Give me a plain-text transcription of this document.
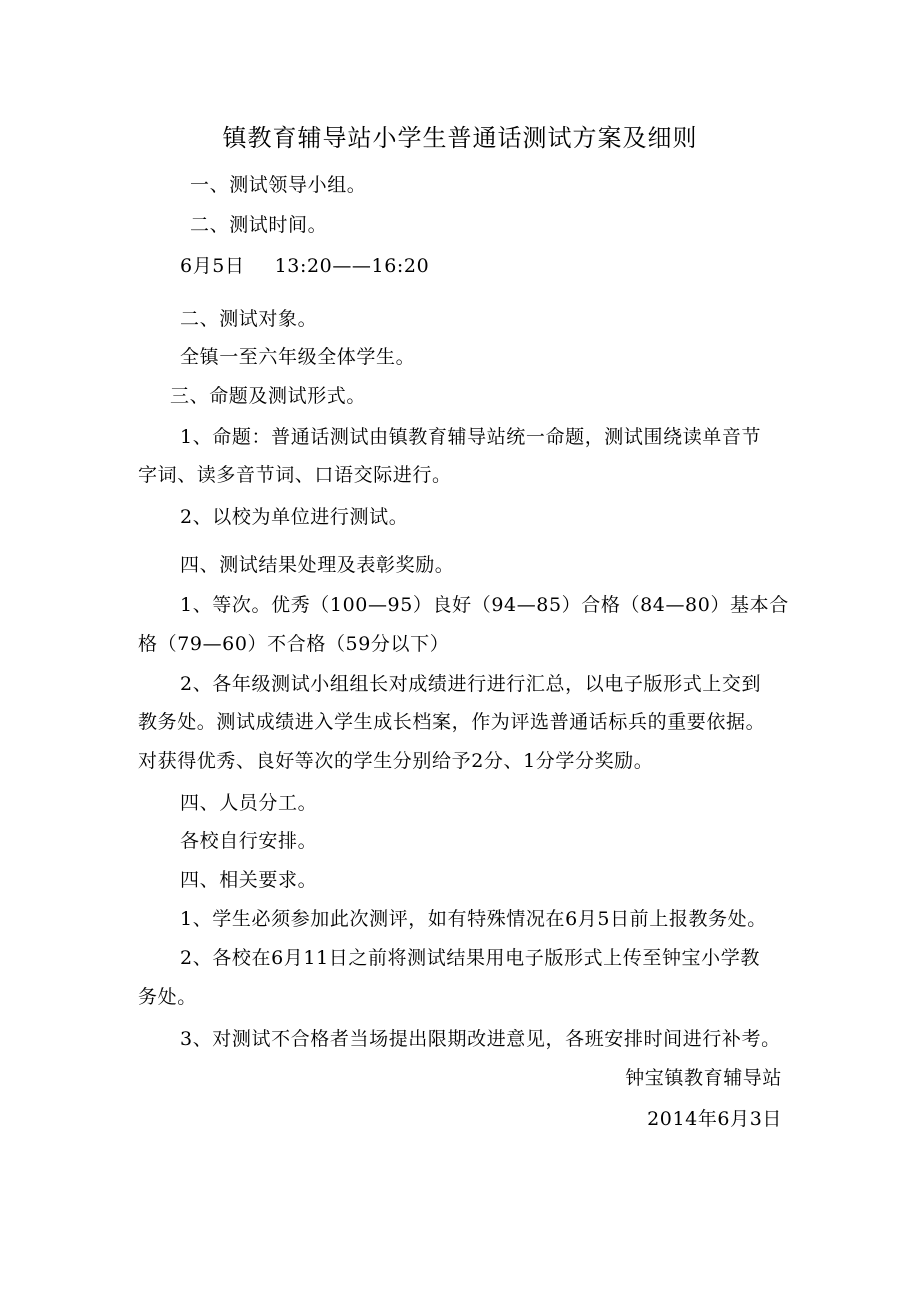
镇教育辅导站小学生普通话测试方案及细则
一、测试领导小组。
二、测试时间。
6月5日 13:20——16:20
二、测试对象。
全镇一至六年级全体学生。
三、命题及测试形式。
1、命题：普通话测试由镇教育辅导站统一命题，测试围绕读单音节
字词、读多音节词、口语交际进行。
2、以校为单位进行测试。
四、测试结果处理及表彰奖励。
1、等次。优秀（100—95）良好（94—85）合格（84—80）基本合
格（79—60）不合格（59分以下）
2、各年级测试小组组长对成绩进行进行汇总，以电子版形式上交到
教务处。测试成绩进入学生成长档案，作为评选普通话标兵的重要依据。
对获得优秀、良好等次的学生分别给予2分、1分学分奖励。
四、人员分工。
各校自行安排。
四、相关要求。
1、学生必须参加此次测评，如有特殊情况在6月5日前上报教务处。
2、各校在6月11日之前将测试结果用电子版形式上传至钟宝小学教
务处。
3、对测试不合格者当场提出限期改进意见，各班安排时间进行补考。
钟宝镇教育辅导站
2014年6月3日
